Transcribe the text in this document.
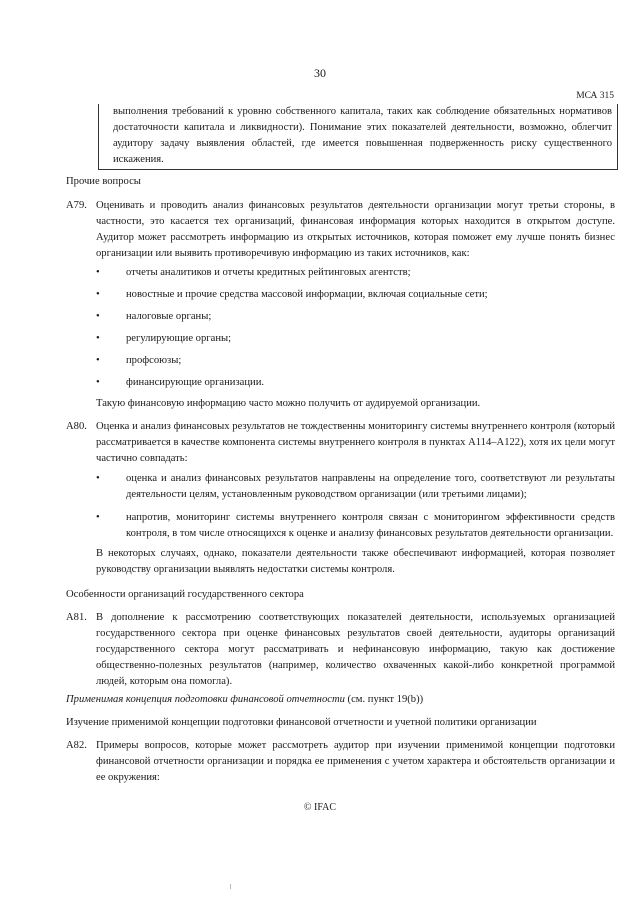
30
МСА 315
выполнения требований к уровню собственного капитала, таких как соблюдение обязательных нормативов достаточности капитала и ликвидности). Понимание этих показателей деятельности, возможно, облегчит аудитору задачу выявления областей, где имеется повышенная подверженность риску существенного искажения.
Прочие вопросы
A79. Оценивать и проводить анализ финансовых результатов деятельности организации могут третьи стороны, в частности, это касается тех организаций, финансовая информация которых находится в открытом доступе. Аудитор может рассмотреть информацию из открытых источников, которая поможет ему лучше понять бизнес организации или выявить противоречивую информацию из таких источников, как:
• отчеты аналитиков и отчеты кредитных рейтинговых агентств;
• новостные и прочие средства массовой информации, включая социальные сети;
• налоговые органы;
• регулирующие органы;
• профсоюзы;
• финансирующие организации.
Такую финансовую информацию часто можно получить от аудируемой организации.
A80. Оценка и анализ финансовых результатов не тождественны мониторингу системы внутреннего контроля (который рассматривается в качестве компонента системы внутреннего контроля в пунктах A114–A122), хотя их цели могут частично совпадать:
• оценка и анализ финансовых результатов направлены на определение того, соответствуют ли результаты деятельности целям, установленным руководством организации (или третьими лицами);
• напротив, мониторинг системы внутреннего контроля связан с мониторингом эффективности средств контроля, в том числе относящихся к оценке и анализу финансовых результатов деятельности организации.
В некоторых случаях, однако, показатели деятельности также обеспечивают информацией, которая позволяет руководству организации выявлять недостатки системы контроля.
Особенности организаций государственного сектора
A81. В дополнение к рассмотрению соответствующих показателей деятельности, используемых организацией государственного сектора при оценке финансовых результатов своей деятельности, аудиторы организаций государственного сектора могут рассматривать и нефинансовую информацию, такую как достижение общественно-полезных результатов (например, количество охваченных какой-либо конкретной программой людей, которым она помогла).
Применимая концепция подготовки финансовой отчетности (см. пункт 19(b))
Изучение применимой концепции подготовки финансовой отчетности и учетной политики организации
A82. Примеры вопросов, которые может рассмотреть аудитор при изучении применимой концепции подготовки финансовой отчетности организации и порядка ее применения с учетом характера и обстоятельств организации и ее окружения:
© IFAC
